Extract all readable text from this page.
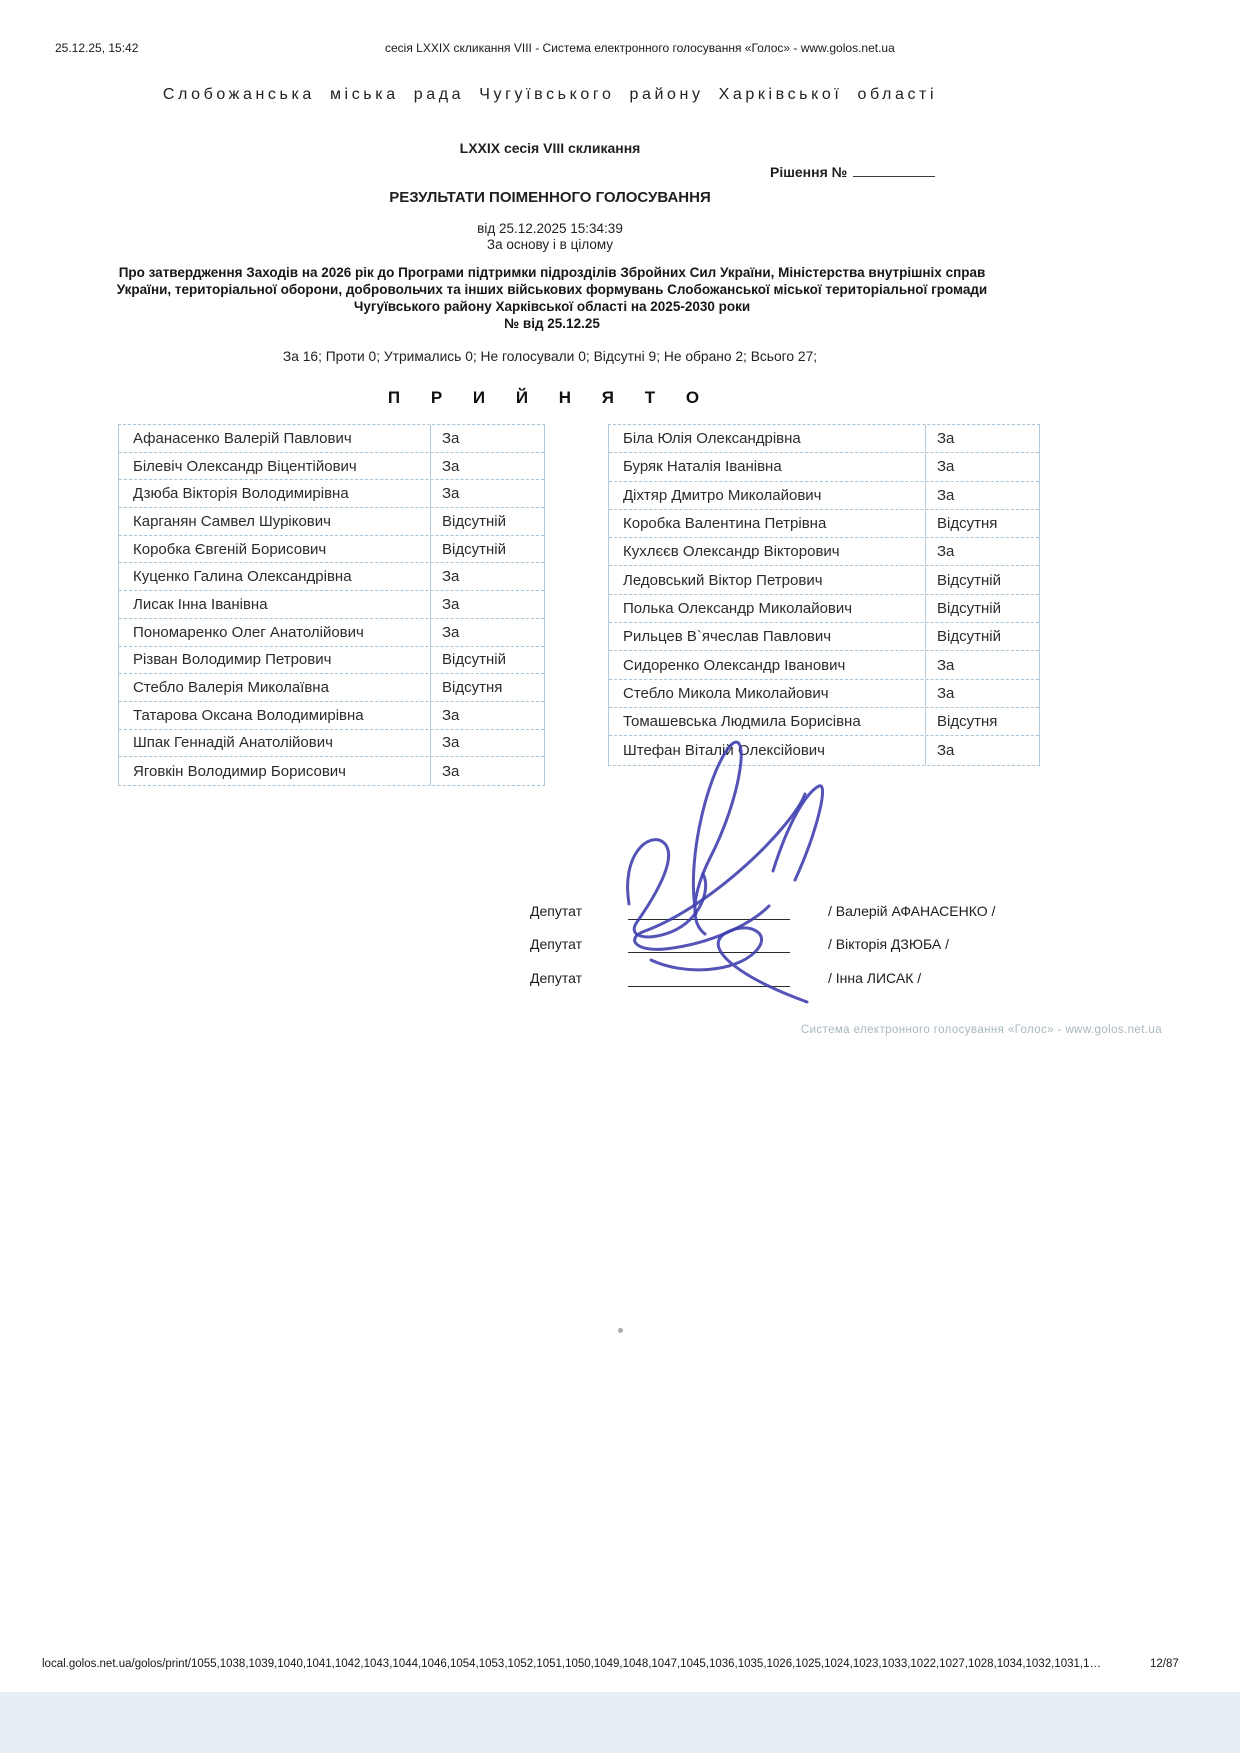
25.12.25, 15:42	сесія LXXIX скликання VIII - Система електронного голосування «Голос» - www.golos.net.ua
Слобожанська міська рада Чугуївського району Харківської області
LXXIX сесія VIII скликання
Рішення №
РЕЗУЛЬТАТИ ПОІМЕННОГО ГОЛОСУВАННЯ
від 25.12.2025 15:34:39
За основу і в цілому
Про затвердження Заходів на 2026 рік до Програми підтримки підрозділів Збройних Сил України, Міністерства внутрішніх справ України, територіальної оборони, добровольчих та інших військових формувань Слобожанської міської територіальної громади Чугуївського району Харківської області на 2025-2030 роки
№ від 25.12.25
За 16; Проти 0; Утримались 0; Не голосували 0; Відсутні 9; Не обрано 2; Всього 27;
П Р И Й Н Я Т О
Афанасенко Валерій Павлович	За
Білевіч Олександр Віцентійович	За
Дзюба Вікторія Володимирівна	За
Карганян Самвел Шурікович	Відсутній
Коробка Євгеній Борисович	Відсутній
Куценко Галина Олександрівна	За
Лисак Інна Іванівна	За
Пономаренко Олег Анатолійович	За
Різван Володимир Петрович	Відсутній
Стебло Валерія Миколаївна	Відсутня
Татарова Оксана Володимирівна	За
Шпак Геннадій Анатолійович	За
Яговкін Володимир Борисович	За
Біла Юлія Олександрівна	За
Буряк Наталія Іванівна	За
Діхтяр Дмитро Миколайович	За
Коробка Валентина Петрівна	Відсутня
Кухлєєв Олександр Вікторович	За
Ледовський Віктор Петрович	Відсутній
Полька Олександр Миколайович	Відсутній
Рильцев В`ячеслав Павлович	Відсутній
Сидоренко Олександр Іванович	За
Стебло Микола Миколайович	За
Томашевська Людмила Борисівна	Відсутня
Штефан Віталій Олексійович	За
Депутат	/ Валерій АФАНАСЕНКО /
Депутат	/ Вікторія ДЗЮБА /
Депутат	/ Інна ЛИСАК /
Система електронного голосування «Голос» - www.golos.net.ua
local.golos.net.ua/golos/print/1055,1038,1039,1040,1041,1042,1043,1044,1046,1054,1053,1052,1051,1050,1049,1048,1047,1045,1036,1035,1026,1025,1024,1023,1033,1022,1027,1028,1034,1032,1031,1…	12/87
